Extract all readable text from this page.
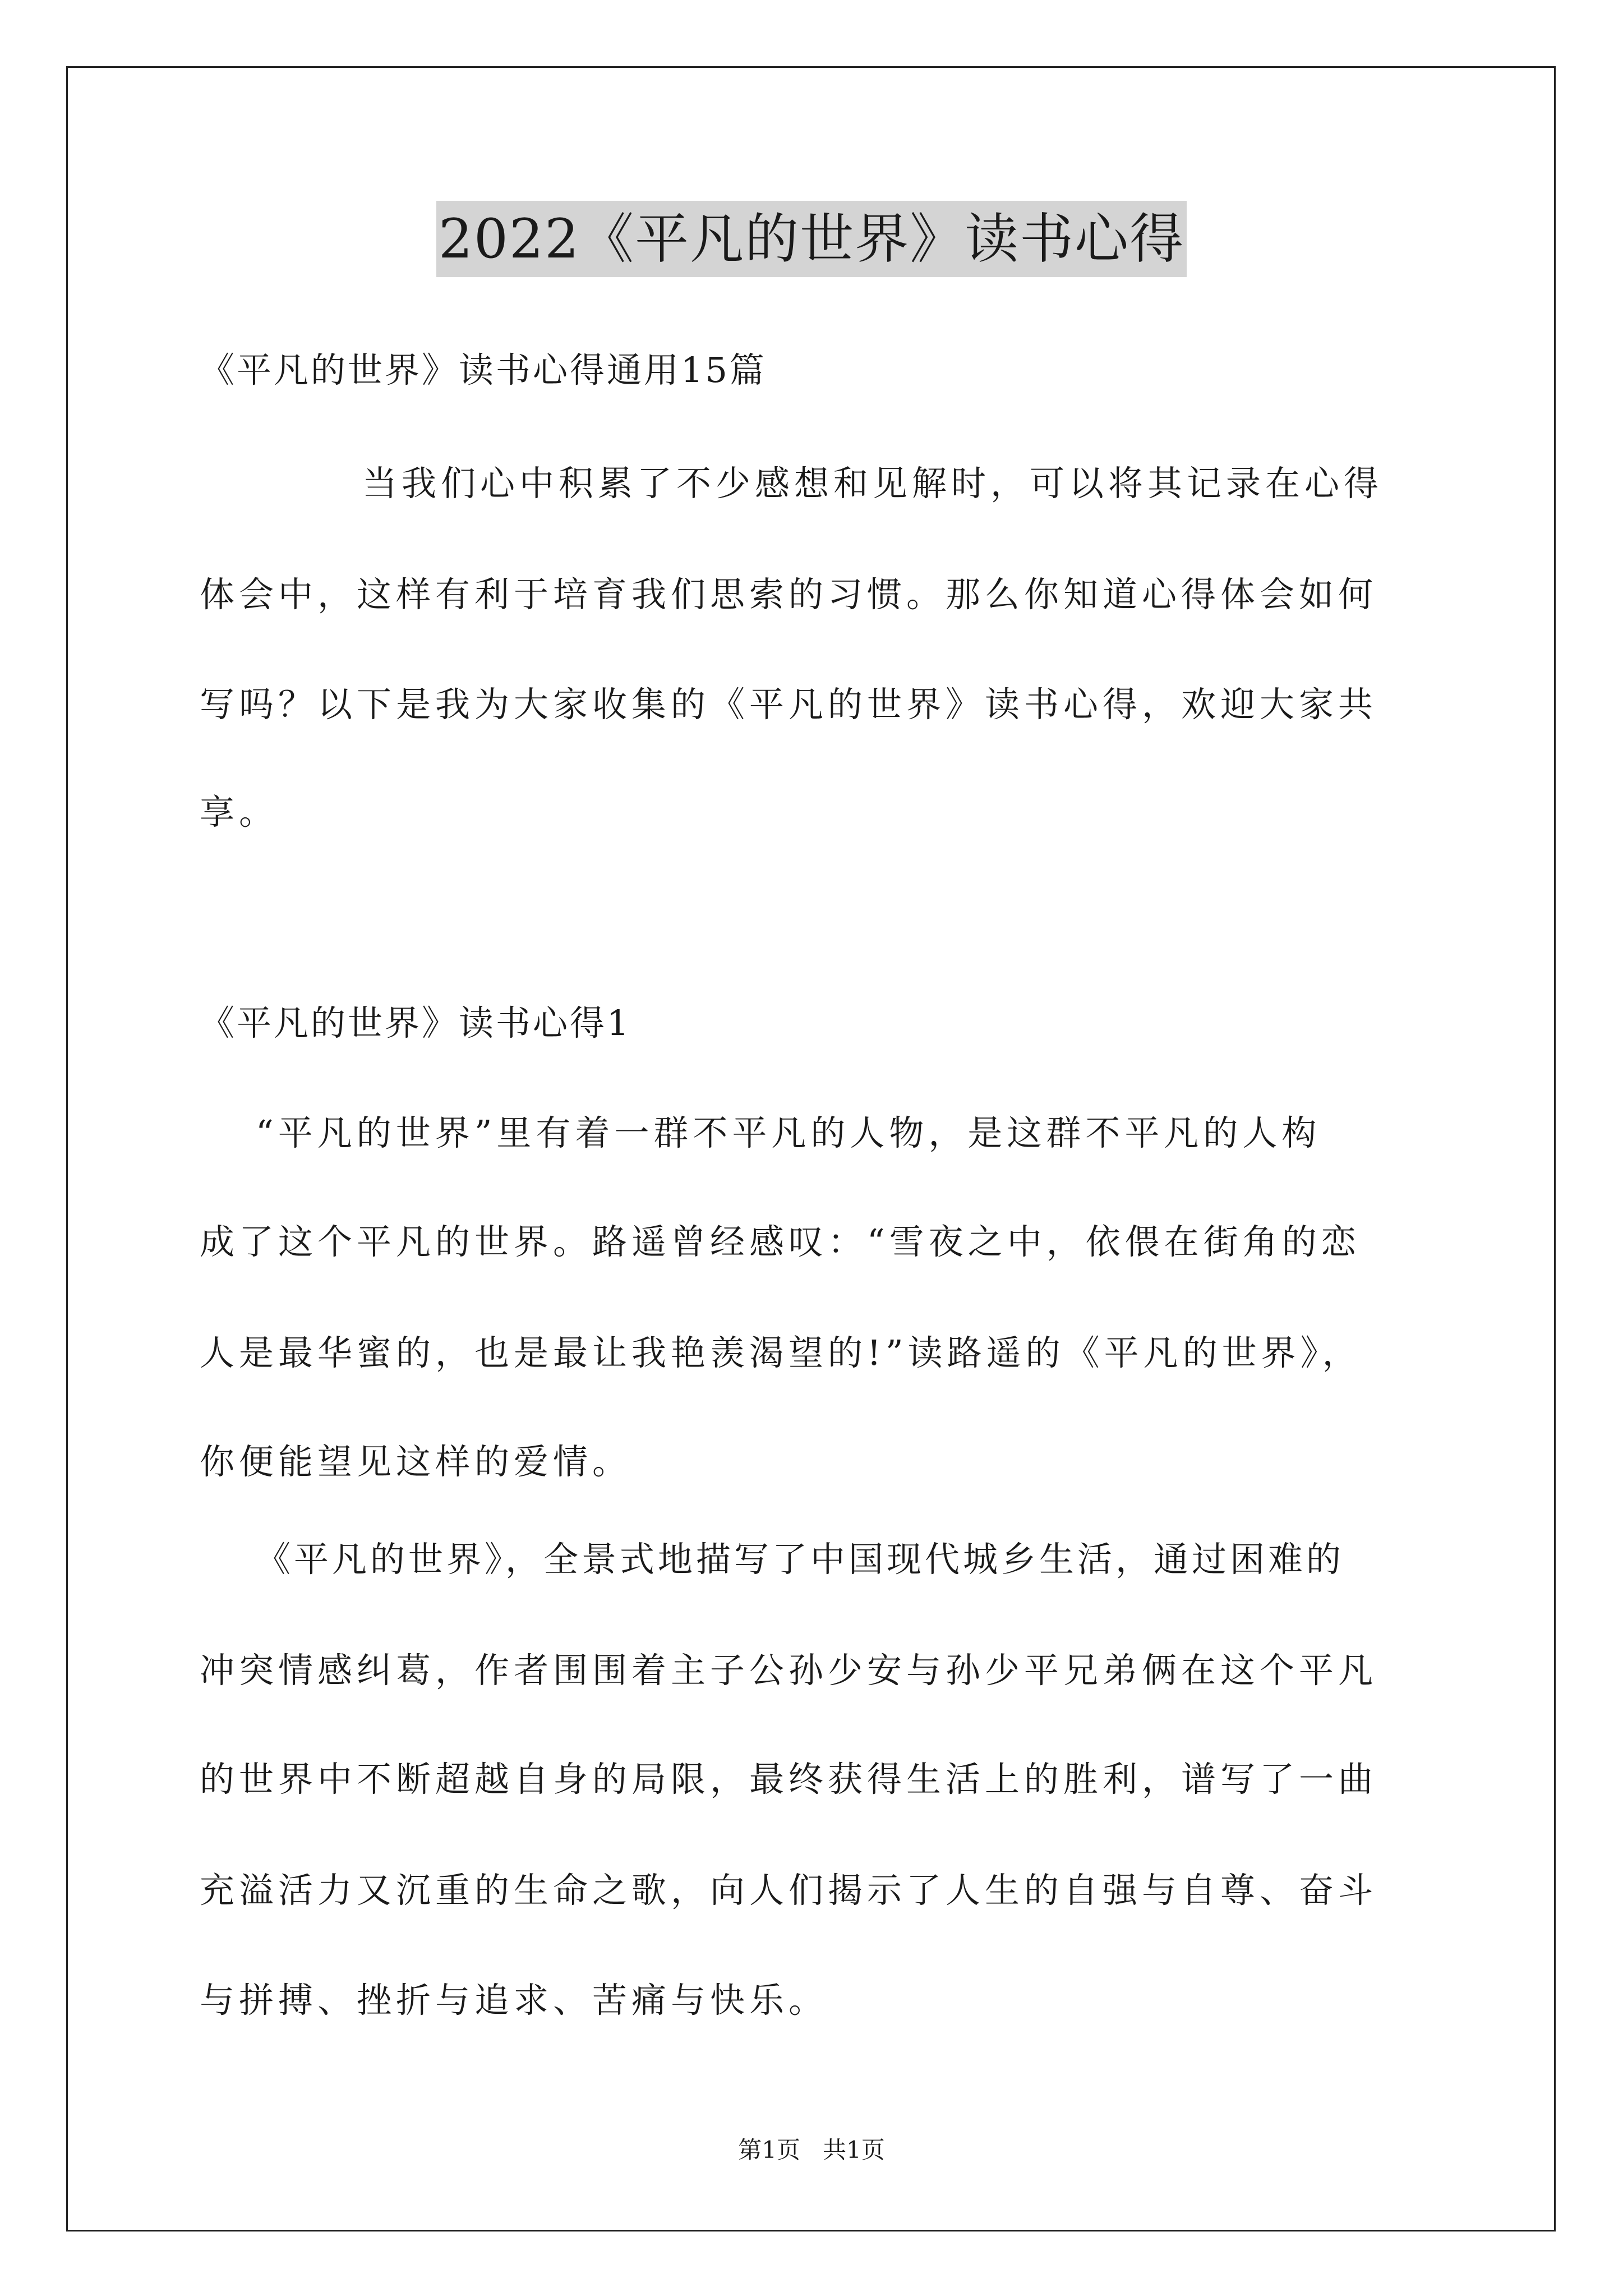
2022《平凡的世界》读书心得
《平凡的世界》读书心得通用15篇
当我们心中积累了不少感想和见解时，可以将其记录在心得
体会中，这样有利于培育我们思索的习惯。那么你知道心得体会如何
写吗？以下是我为大家收集的《平凡的世界》读书心得，欢迎大家共
享。
《平凡的世界》读书心得1
“平凡的世界”里有着一群不平凡的人物，是这群不平凡的人构
成了这个平凡的世界。路遥曾经感叹：“雪夜之中，依偎在街角的恋
人是最华蜜的，也是最让我艳羡渴望的!”读路遥的《平凡的世界》，
你便能望见这样的爱情。
《平凡的世界》，全景式地描写了中国现代城乡生活，通过困难的
冲突情感纠葛，作者围围着主子公孙少安与孙少平兄弟俩在这个平凡
的世界中不断超越自身的局限，最终获得生活上的胜利，谱写了一曲
充溢活力又沉重的生命之歌，向人们揭示了人生的自强与自尊、奋斗
与拼搏、挫折与追求、苦痛与快乐。
第1页   共1页
